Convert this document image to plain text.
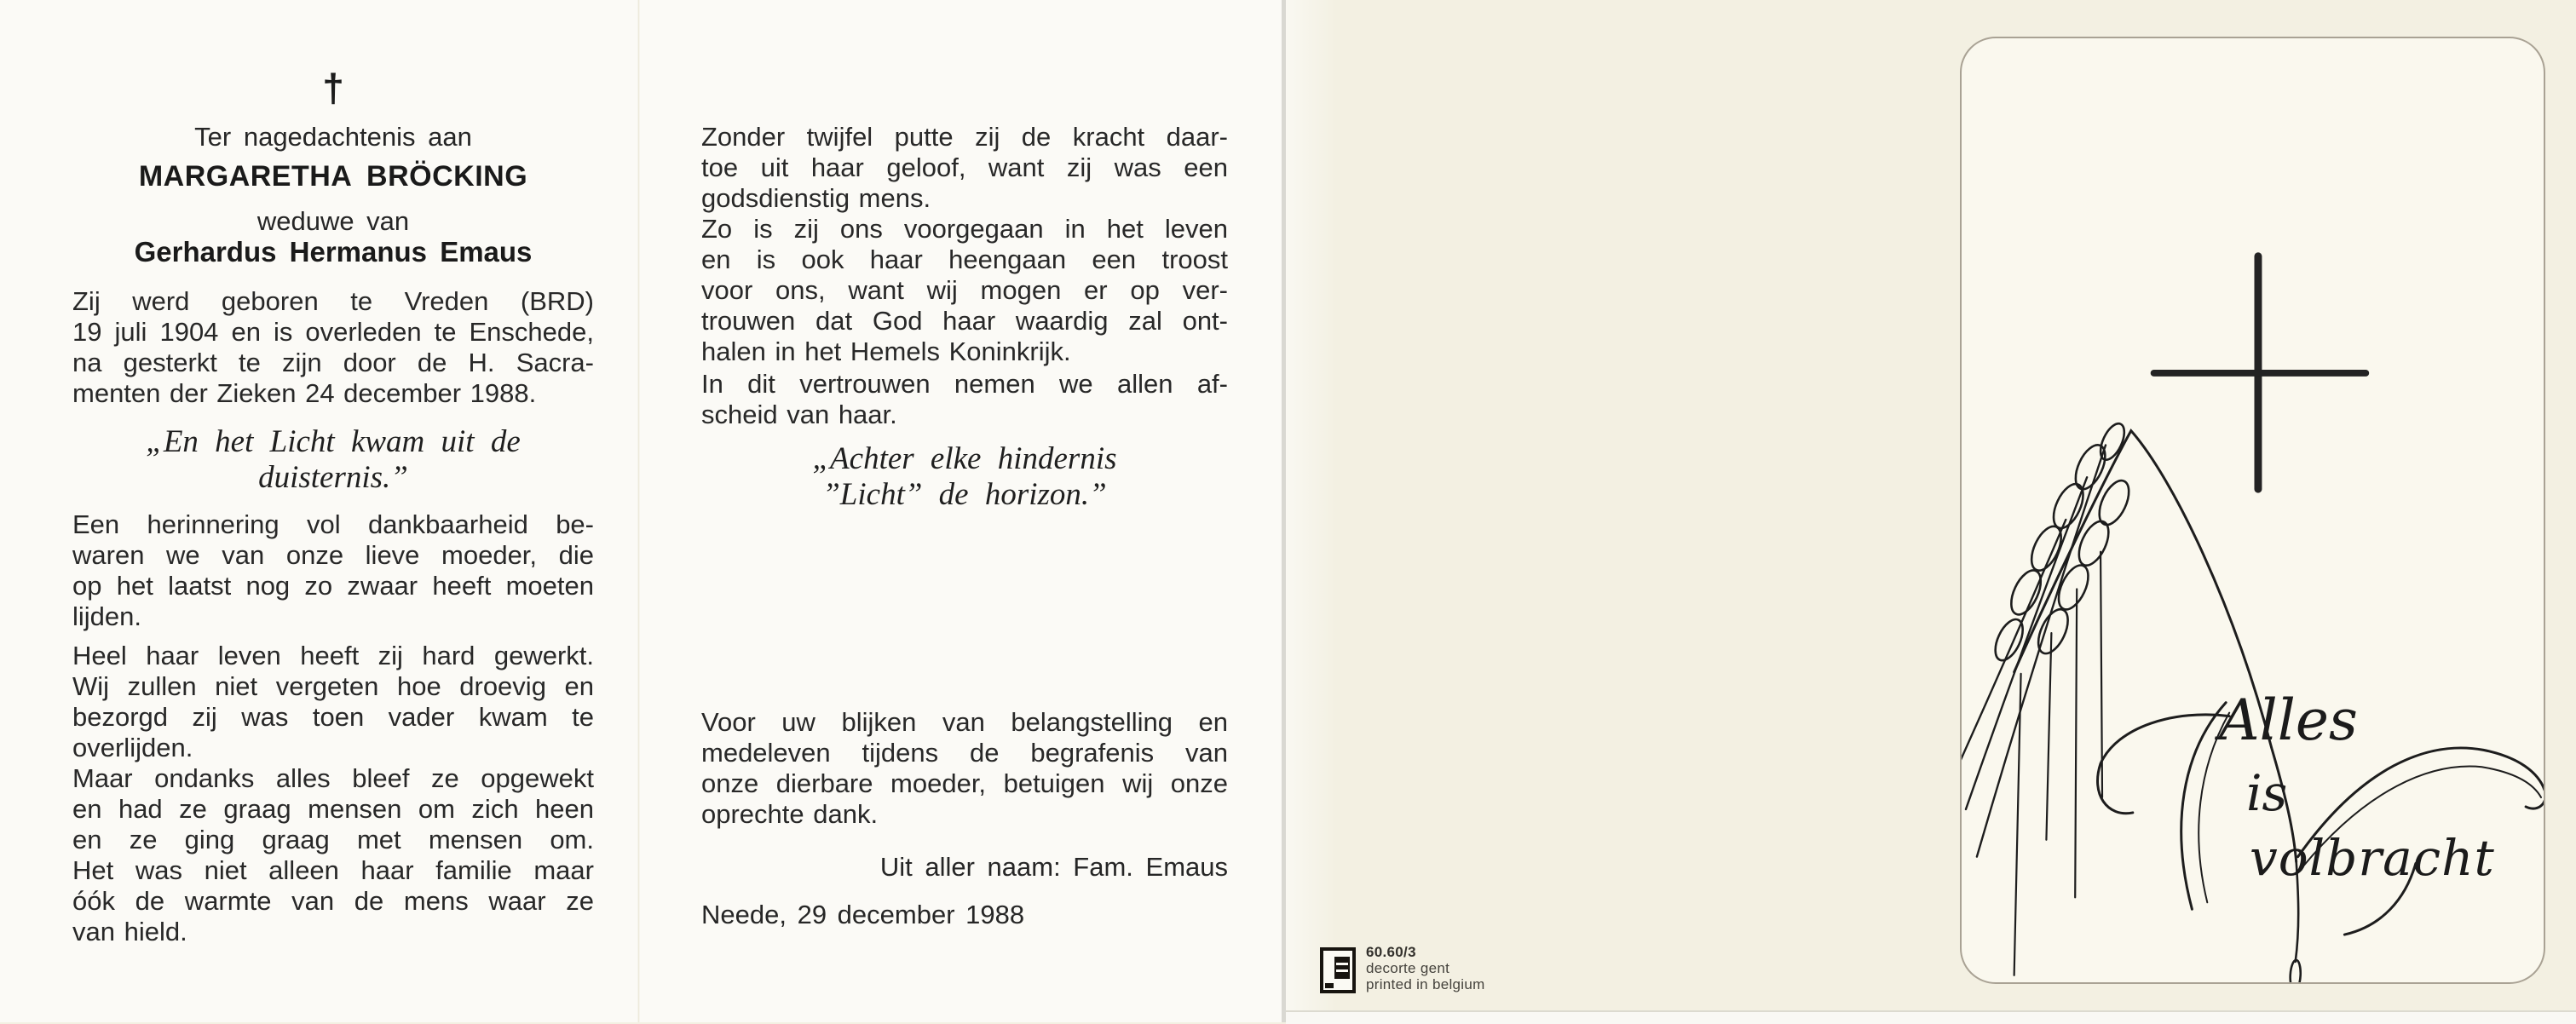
†
Ter nagedachtenis aan
MARGARETHA BRÖCKING
weduwe van
Gerhardus Hermanus Emaus
Zij werd geboren te Vreden (BRD)
19 juli 1904 en is overleden te Enschede,
na gesterkt te zijn door de H. Sacra-
menten der Zieken 24 december 1988.
„En het Licht kwam uit de
duisternis.”
Een herinnering vol dankbaarheid be-
waren we van onze lieve moeder, die
op het laatst nog zo zwaar heeft moeten
lijden.
Heel haar leven heeft zij hard gewerkt.
Wij zullen niet vergeten hoe droevig en
bezorgd zij was toen vader kwam te
overlijden.
Maar ondanks alles bleef ze opgewekt
en had ze graag mensen om zich heen
en ze ging graag met mensen om.
Het was niet alleen haar familie maar
óók de warmte van de mens waar ze
van hield.
Zonder twijfel putte zij de kracht daar-
toe uit haar geloof, want zij was een
godsdienstig mens.
Zo is zij ons voorgegaan in het leven
en is ook haar heengaan een troost
voor ons, want wij mogen er op ver-
trouwen dat God haar waardig zal ont-
halen in het Hemels Koninkrijk.
In dit vertrouwen nemen we allen af-
scheid van haar.
„Achter elke hindernis
”Licht” de horizon.”
Voor uw blijken van belangstelling en
medeleven tijdens de begrafenis van
onze dierbare moeder, betuigen wij onze
oprechte dank.
Uit aller naam: Fam. Emaus
Neede, 29 december 1988
60.60/3
decorte gent
printed in belgium
Alles
is
volbracht
